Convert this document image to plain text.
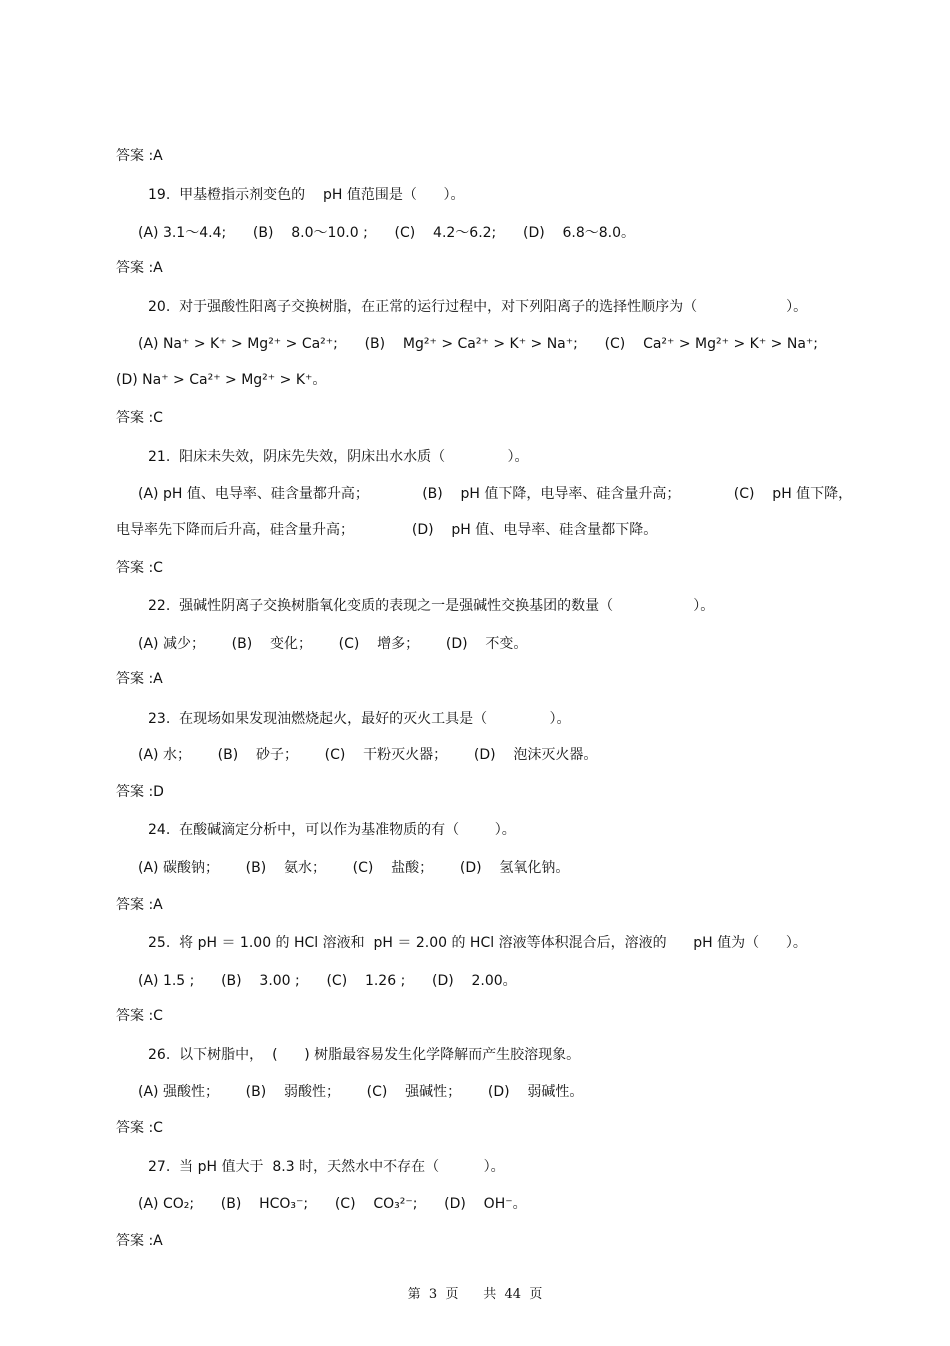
答案 :A
19.  甲基橙指示剂变色的    pH 值范围是（      ）。
(A) 3.1～4.4;      (B)    8.0～10.0 ;      (C)    4.2～6.2;      (D)    6.8～8.0。
答案 :A
20.  对于强酸性阳离子交换树脂，在正常的运行过程中，对下列阳离子的选择性顺序为（                    ）。
(A) Na⁺ > K⁺ > Mg²⁺ > Ca²⁺;      (B)    Mg²⁺ > Ca²⁺ > K⁺ > Na⁺;      (C)    Ca²⁺ > Mg²⁺ > K⁺ > Na⁺;
(D) Na⁺ > Ca²⁺ > Mg²⁺ > K⁺。
答案 :C
21.  阳床未失效，阴床先失效，阴床出水水质（              ）。
(A) pH 值、电导率、硅含量都升高；            (B)    pH 值下降，电导率、硅含量升高；            (C)    pH 值下降，
电导率先下降而后升高，硅含量升高；             (D)    pH 值、电导率、硅含量都下降。
答案 :C
22.  强碱性阴离子交换树脂氧化变质的表现之一是强碱性交换基团的数量（                  ）。
(A) 减少；      (B)    变化；      (C)    增多；      (D)    不变。
答案 :A
23.  在现场如果发现油燃烧起火，最好的灭火工具是（              ）。
(A) 水；      (B)    砂子；      (C)    干粉灭火器；      (D)    泡沫灭火器。
答案 :D
24.  在酸碱滴定分析中，可以作为基准物质的有（        ）。
(A) 碳酸钠；      (B)    氨水；      (C)    盐酸；      (D)    氢氧化钠。
答案 :A
25.  将 pH ＝ 1.00 的 HCl 溶液和  pH ＝ 2.00 的 HCl 溶液等体积混合后，溶液的      pH 值为（      ）。
(A) 1.5 ;      (B)    3.00 ;      (C)    1.26 ;      (D)    2.00。
答案 :C
26.  以下树脂中，  (      ) 树脂最容易发生化学降解而产生胶溶现象。
(A) 强酸性；      (B)    弱酸性；      (C)    强碱性；      (D)    弱碱性。
答案 :C
27.  当 pH 值大于  8.3 时，天然水中不存在（          ）。
(A) CO₂;      (B)    HCO₃⁻;      (C)    CO₃²⁻;      (D)    OH⁻。
答案 :A
第  3  页      共  44  页
